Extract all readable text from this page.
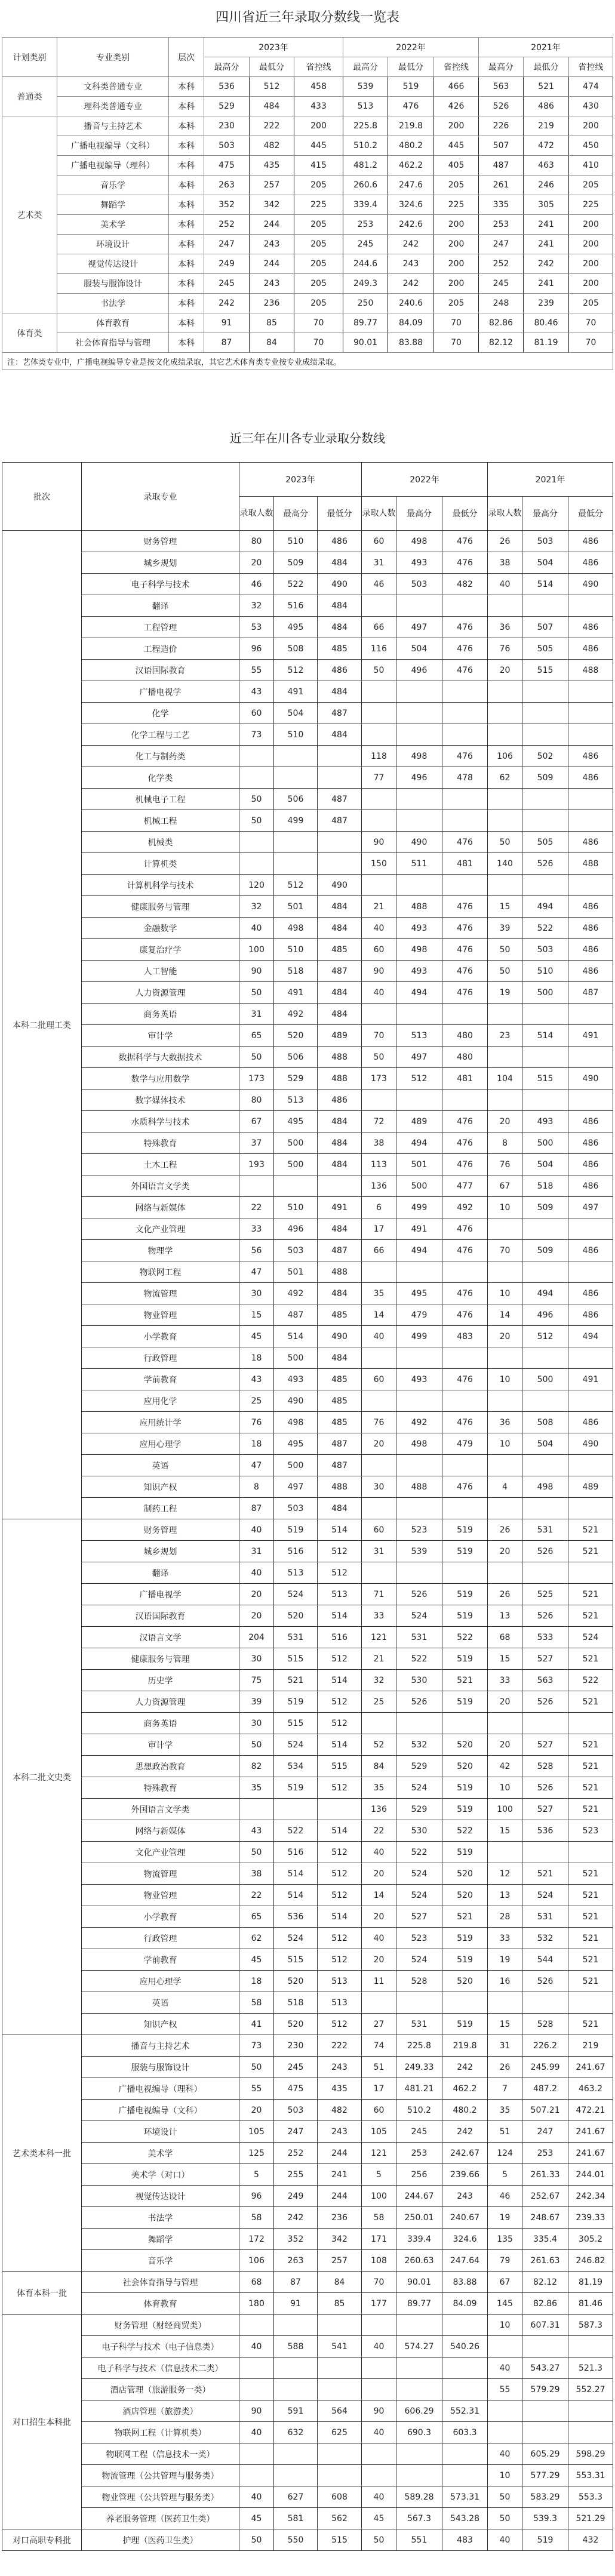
四川省近三年录取分数线一览表
计划类别	专业类别	层次	2023年			2022年			2021年		
			最高分	最低分	省控线	最高分	最低分	省控线	最高分	最低分	省控线
普通类	文科类普通专业	本科	536	512	458	539	519	466	563	521	474
	理科类普通专业	本科	529	484	433	513	476	426	526	486	430
艺术类	播音与主持艺术	本科	230	222	200	225.8	219.8	200	226	219	200
	广播电视编导（文科）	本科	503	482	445	510.2	480.2	445	507	472	450
	广播电视编导（理科）	本科	475	435	415	481.2	462.2	405	487	463	410
	音乐学	本科	263	257	205	260.6	247.6	205	261	246	205
	舞蹈学	本科	352	342	225	339.4	324.6	225	335	305	225
	美术学	本科	252	244	205	253	242.6	200	253	241	200
	环境设计	本科	247	243	205	245	242	200	247	241	200
	视觉传达设计	本科	249	244	205	244.6	243	200	252	242	200
	服装与服饰设计	本科	245	243	205	249.3	242	200	245	241	200
	书法学	本科	242	236	205	250	240.6	205	248	239	205
体育类	体育教育	本科	91	85	70	89.77	84.09	70	82.86	80.46	70
	社会体育指导与管理	本科	87	84	70	90.01	83.88	70	82.12	81.19	70
注：艺体类专业中，广播电视编导专业是按文化成绩录取，其它艺术体育类专业按专业成绩录取。											
近三年在川各专业录取分数线
批次	录取专业	2023年			2022年			2021年		
		录取人数	最高分	最低分	录取人数	最高分	最低分	录取人数	最高分	最低分
本科二批理工类	财务管理	80	510	486	60	498	476	26	503	486
	城乡规划	20	509	484	31	493	476	38	504	486
	电子科学与技术	46	522	490	46	503	482	40	514	490
	翻译	32	516	484						
	工程管理	53	495	484	66	497	476	36	507	486
	工程造价	96	508	485	116	504	476	76	505	486
	汉语国际教育	55	512	486	50	496	476	20	515	488
	广播电视学	43	491	484						
	化学	60	504	487						
	化学工程与工艺	73	510	484						
	化工与制药类				118	498	476	106	502	486
	化学类				77	496	478	62	509	486
	机械电子工程	50	506	487						
	机械工程	50	499	487						
	机械类				90	490	476	50	505	486
	计算机类				150	511	481	140	526	488
	计算机科学与技术	120	512	490						
	健康服务与管理	32	501	484	21	488	476	15	494	486
	金融数学	40	498	484	40	493	476	39	522	486
	康复治疗学	100	510	485	60	498	476	50	503	486
	人工智能	90	518	487	90	493	476	50	510	486
	人力资源管理	50	491	484	40	494	476	19	500	487
	商务英语	31	492	484						
	审计学	65	520	489	70	513	480	23	514	491
	数据科学与大数据技术	50	506	488	50	497	480			
	数学与应用数学	173	529	488	173	512	481	104	515	490
	数字媒体技术	80	513	486						
	水质科学与技术	67	495	484	72	489	476	20	493	486
	特殊教育	37	500	484	38	494	476	8	500	486
	土木工程	193	500	484	113	501	476	76	504	486
	外国语言文学类				136	500	477	67	518	486
	网络与新媒体	22	510	491	6	499	492	10	509	497
	文化产业管理	33	496	484	17	491	476			
	物理学	56	503	487	66	494	476	70	509	486
	物联网工程	47	501	488						
	物流管理	30	492	484	35	495	476	10	494	486
	物业管理	15	487	485	14	479	476	14	496	486
	小学教育	45	514	490	40	499	483	20	512	494
	行政管理	18	500	484						
	学前教育	43	493	485	60	493	476	10	500	491
	应用化学	25	490	485						
	应用统计学	76	498	485	76	492	476	36	508	486
	应用心理学	18	495	487	20	498	479	10	504	490
	英语	47	500	487						
	知识产权	8	497	488	30	488	476	4	498	489
	制药工程	87	503	484						
本科二批文史类	财务管理	40	519	514	60	523	519	26	531	521
	城乡规划	31	516	512	31	539	519	20	526	521
	翻译	40	513	512						
	广播电视学	20	524	513	71	526	519	26	525	521
	汉语国际教育	20	520	514	33	524	519	13	526	521
	汉语言文学	204	531	516	121	531	522	68	533	524
	健康服务与管理	30	515	512	21	522	519	15	527	521
	历史学	75	521	514	32	530	521	33	563	522
	人力资源管理	39	519	512	25	526	519	20	526	521
	商务英语	30	515	512						
	审计学	50	524	514	52	532	520	20	527	521
	思想政治教育	82	534	515	84	529	520	42	528	521
	特殊教育	35	519	512	35	524	519	10	526	521
	外国语言文学类				136	529	519	100	527	521
	网络与新媒体	43	522	514	22	530	522	15	536	523
	文化产业管理	50	516	512	40	522	519			
	物流管理	38	514	512	20	524	520	12	521	521
	物业管理	22	514	512	14	524	520	13	524	521
	小学教育	65	536	514	20	527	521	28	531	521
	行政管理	62	524	512	40	523	519	33	532	521
	学前教育	45	515	512	20	524	519	19	544	521
	应用心理学	18	520	513	11	528	520	16	526	521
	英语	58	518	513						
	知识产权	41	520	512	27	531	519	15	528	521
艺术类本科一批	播音与主持艺术	73	230	222	74	225.8	219.8	31	226.2	219
	服装与服饰设计	50	245	243	51	249.33	242	26	245.99	241.67
	广播电视编导（理科）	55	475	435	17	481.21	462.2	7	487.2	463.2
	广播电视编导（文科）	20	503	482	60	510.2	480.2	35	507.21	472.21
	环境设计	105	247	243	105	245	242	51	247	241.67
	美术学	125	252	244	121	253	242.67	124	253	241.67
	美术学（对口）	5	255	241	5	256	239.66	5	261.33	244.01
	视觉传达设计	96	249	244	100	244.67	243	46	252.67	242.34
	书法学	58	242	236	58	250.01	240.67	19	248.67	239.33
	舞蹈学	172	352	342	171	339.4	324.6	135	335.4	305.2
	音乐学	106	263	257	108	260.63	247.64	79	261.63	246.82
体育本科一批	社会体育指导与管理	68	87	84	70	90.01	83.88	67	82.12	81.19
	体育教育	180	91	85	177	89.77	84.09	145	82.86	81.46
对口招生本科批	财务管理（财经商贸类）							10	607.31	587.3
	电子科学与技术（电子信息类）	40	588	541	40	574.27	540.26			
	电子科学与技术（信息技术二类）							40	543.27	521.3
	酒店管理（旅游服务一类）							55	579.29	552.27
	酒店管理（旅游类）	90	591	564	90	606.29	552.31			
	物联网工程（计算机类）	40	632	625	40	690.3	603.3			
	物联网工程（信息技术一类）							40	605.29	598.29
	物流管理（公共管理与服务类）							10	577.29	553.31
	物业管理（公共管理与服务类）	40	627	608	40	589.28	573.31	50	583.29	553.3
	养老服务管理（医药卫生类）	45	581	562	45	567.3	543.28	50	539.3	521.29
对口高职专科批	护理（医药卫生类）	50	550	515	50	551	483	40	519	432
